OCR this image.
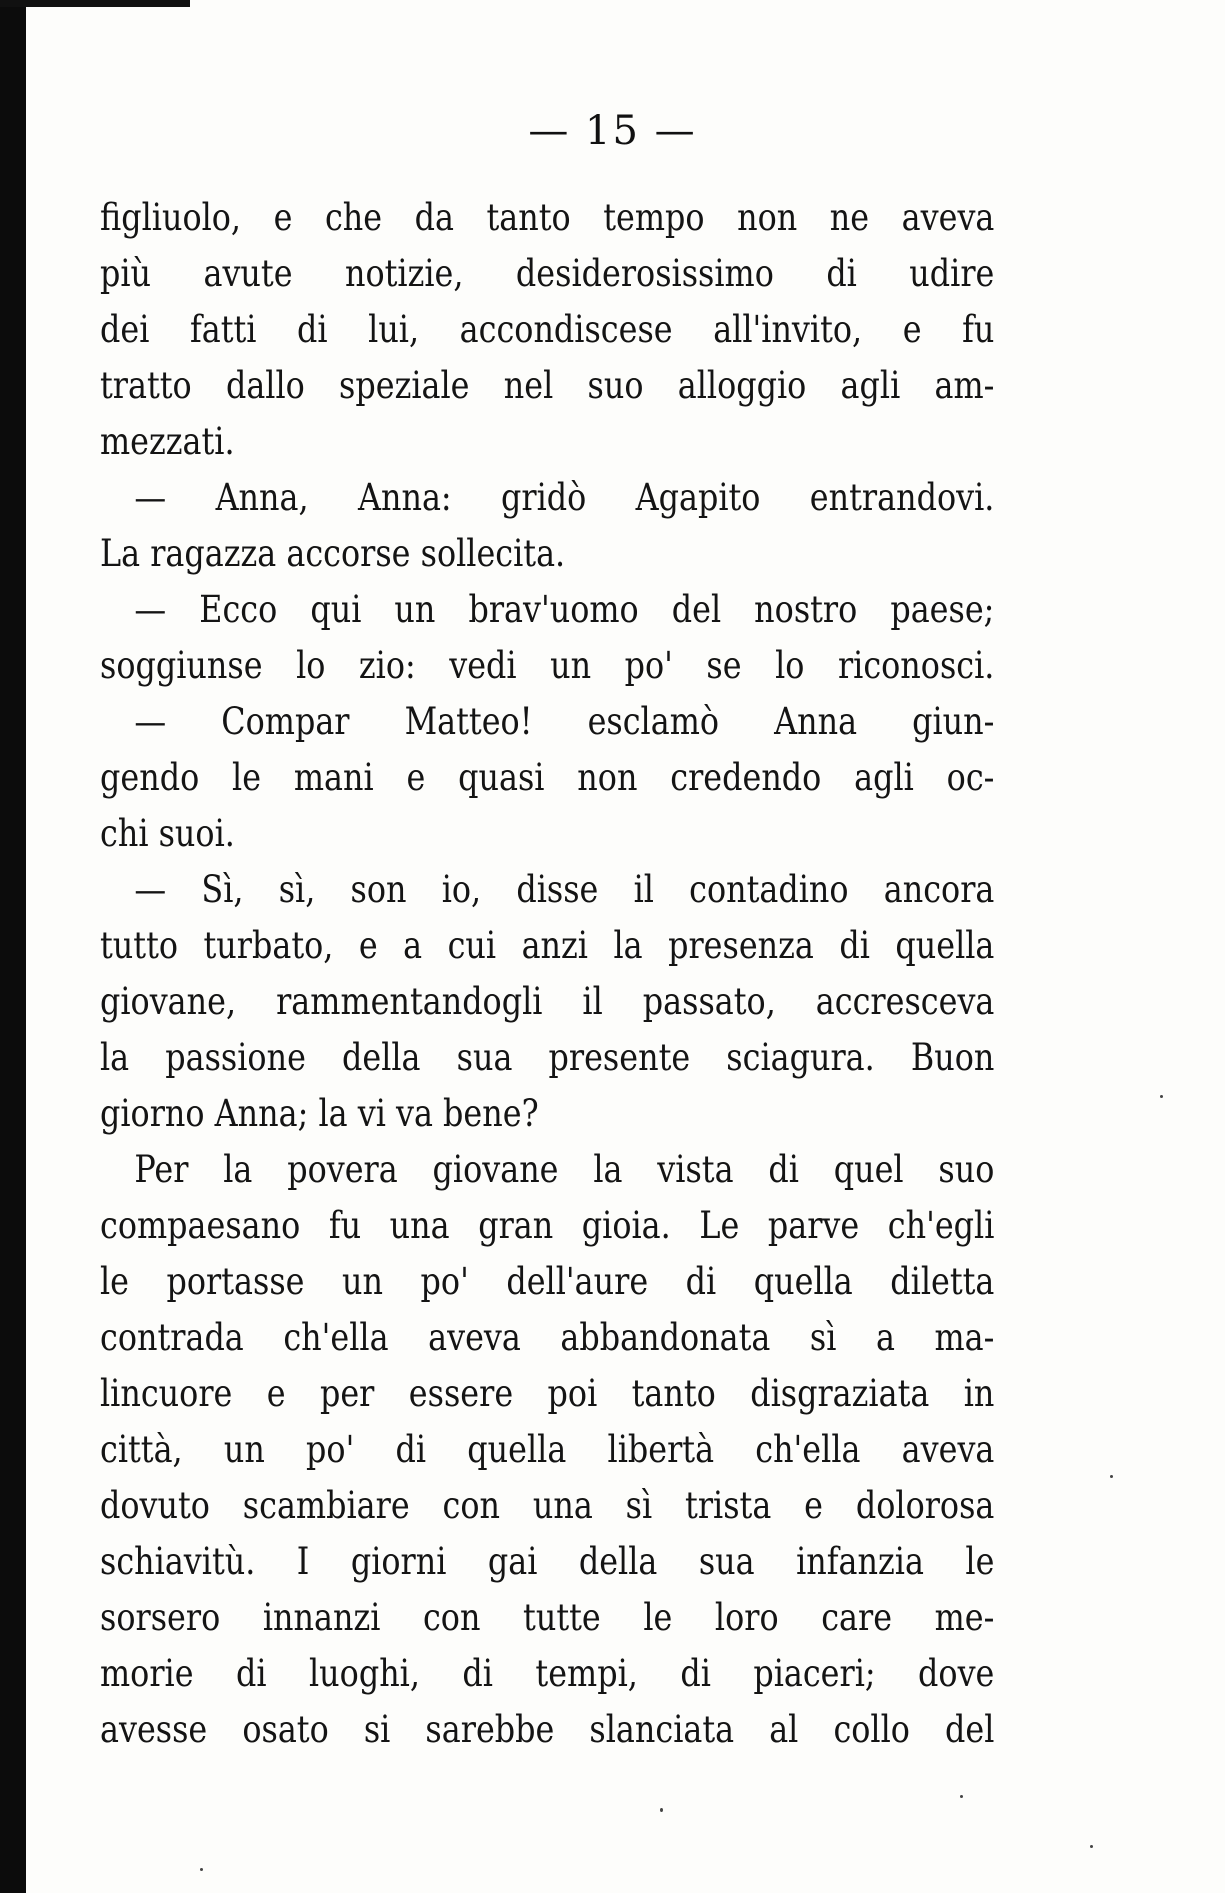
— 15 —
figliuolo, e che da tanto tempo non ne aveva
più avute notizie, desiderosissimo di udire
dei fatti di lui, accondiscese all'invito, e fu
tratto dallo speziale nel suo alloggio agli am-
mezzati.
— Anna, Anna: gridò Agapito entrandovi.
La ragazza accorse sollecita.
— Ecco qui un brav'uomo del nostro paese;
soggiunse lo zio: vedi un po' se lo riconosci.
— Compar Matteo! esclamò Anna giun-
gendo le mani e quasi non credendo agli oc-
chi suoi.
— Sì, sì, son io, disse il contadino ancora
tutto turbato, e a cui anzi la presenza di quella
giovane, rammentandogli il passato, accresceva
la passione della sua presente sciagura. Buon
giorno Anna; la vi va bene?
Per la povera giovane la vista di quel suo
compaesano fu una gran gioia. Le parve ch'egli
le portasse un po' dell'aure di quella diletta
contrada ch'ella aveva abbandonata sì a ma-
lincuore e per essere poi tanto disgraziata in
città, un po' di quella libertà ch'ella aveva
dovuto scambiare con una sì trista e dolorosa
schiavitù. I giorni gai della sua infanzia le
sorsero innanzi con tutte le loro care me-
morie di luoghi, di tempi, di piaceri; dove
avesse osato si sarebbe slanciata al collo del
